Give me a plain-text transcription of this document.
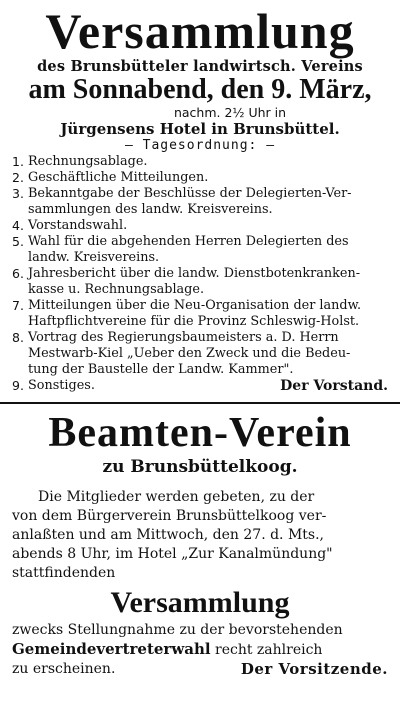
Versammlung
des Brunsbütteler landwirtsch. Vereins
am Sonnabend, den 9. März,
nachm. 2½ Uhr in
Jürgensens Hotel in Brunsbüttel.
— Tagesordnung: —
1. Rechnungsablage.
2. Geschäftliche Mitteilungen.
3. Bekanntgabe der Beschlüsse der Delegierten-Ver-
sammlungen des landw. Kreisvereins.
4. Vorstandswahl.
5. Wahl für die abgehenden Herren Delegierten des
landw. Kreisvereins.
6. Jahresbericht über die landw. Dienstbotenkranken-
kasse u. Rechnungsablage.
7. Mitteilungen über die Neu-Organisation der landw.
Haftpflichtvereine für die Provinz Schleswig-Holst.
8. Vortrag des Regierungsbaumeisters a. D. Herrn
Mestwarb-Kiel „Ueber den Zweck und die Bedeu-
tung der Baustelle der Landw. Kammer".
9. Sonstiges.	Der Vorstand.
Beamten-Verein
zu Brunsbüttelkoog.
Die Mitglieder werden gebeten, zu der
von dem Bürgerverein Brunsbüttelkoog ver-
anlaßten und am Mittwoch, den 27. d. Mts.,
abends 8 Uhr, im Hotel „Zur Kanalmündung"
stattfindenden
Versammlung
zwecks Stellungnahme zu der bevorstehenden
Gemeindevertreterwahl recht zahlreich
zu erscheinen.	Der Vorsitzende.
